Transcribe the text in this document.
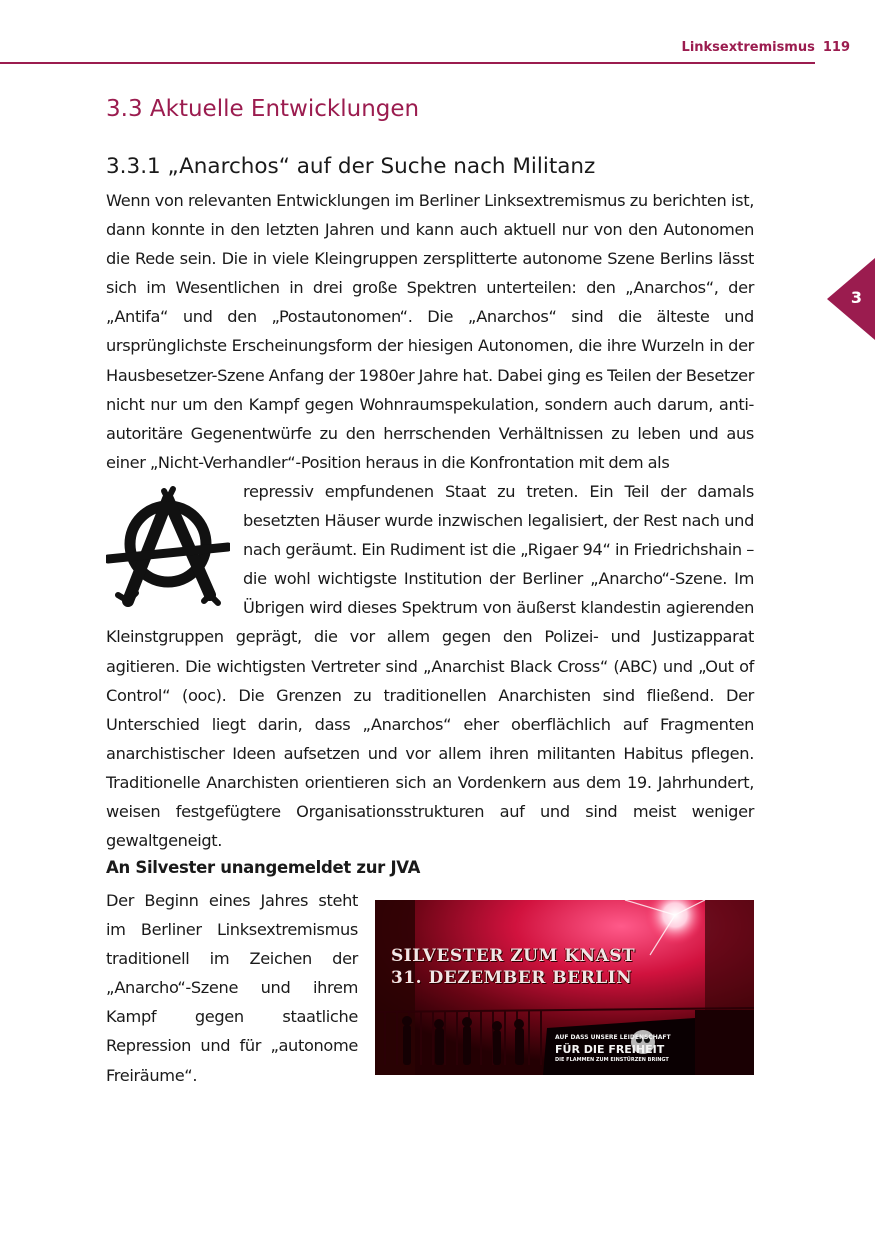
Linksextremismus 119
3
3.3 Aktuelle Entwicklungen
3.3.1 „Anarchos“ auf der Suche nach Militanz

Wenn von relevanten Entwicklungen im Berliner Linksextremismus zu berichten ist, dann konnte in den letzten Jahren und kann auch aktuell nur von den Autonomen die Rede sein. Die in viele Kleingruppen zersplitterte autonome Szene Berlins lässt sich im Wesentlichen in drei große Spektren unterteilen: den „Anarchos“, der „Antifa“ und den „Postautonomen“. Die „Anarchos“ sind die älteste und ursprünglichste Erscheinungsform der hiesigen Autonomen, die ihre Wurzeln in der Hausbesetzer-Szene Anfang der 1980er Jahre hat. Dabei ging es Teilen der Besetzer nicht nur um den Kampf gegen Wohnraumspekulation, sondern auch darum, anti-autoritäre Gegenentwürfe zu den herrschenden Verhältnissen zu leben und aus einer „Nicht-Verhandler“-Position heraus in die Konfrontation mit dem als

repressiv empfundenen Staat zu treten. Ein Teil der damals besetzten Häuser wurde inzwischen legalisiert, der Rest nach und nach geräumt. Ein Rudiment ist die „Rigaer 94“ in Friedrichshain – die wohl wichtigste Institution der Berliner „Anarcho“-Szene. Im Übrigen wird dieses Spektrum von äußerst klandestin agierenden Kleinstgruppen geprägt, die vor allem gegen den Polizei- und Justizapparat agitieren. Die wichtigsten Vertreter sind „Anarchist Black Cross“ (ABC) und „Out of Control“ (ooc). Die Grenzen zu traditionellen Anarchisten sind fließend. Der Unterschied liegt darin, dass „Anarchos“ eher oberflächlich auf Fragmenten anarchistischer Ideen aufsetzen und vor allem ihren militanten Habitus pflegen. Traditionelle Anarchisten orientieren sich an Vordenkern aus dem 19. Jahrhundert, weisen festgefügtere Organisationsstrukturen auf und sind meist weniger gewaltgeneigt.

An Silvester unangemeldet zur JVA

Der Beginn eines Jahres steht im Berliner Linksextremismus traditionell im Zeichen der „Anarcho“-Szene und ihrem Kampf gegen staatliche Repression und für „autonome Freiräume“.

SILVESTER ZUM KNAST
31. DEZEMBER BERLIN
AUF DASS UNSERE LEIDENSCHAFT
FÜR DIE FREIHEIT
DIE FLAMMEN ZUM EINSTÜRZEN BRINGT
